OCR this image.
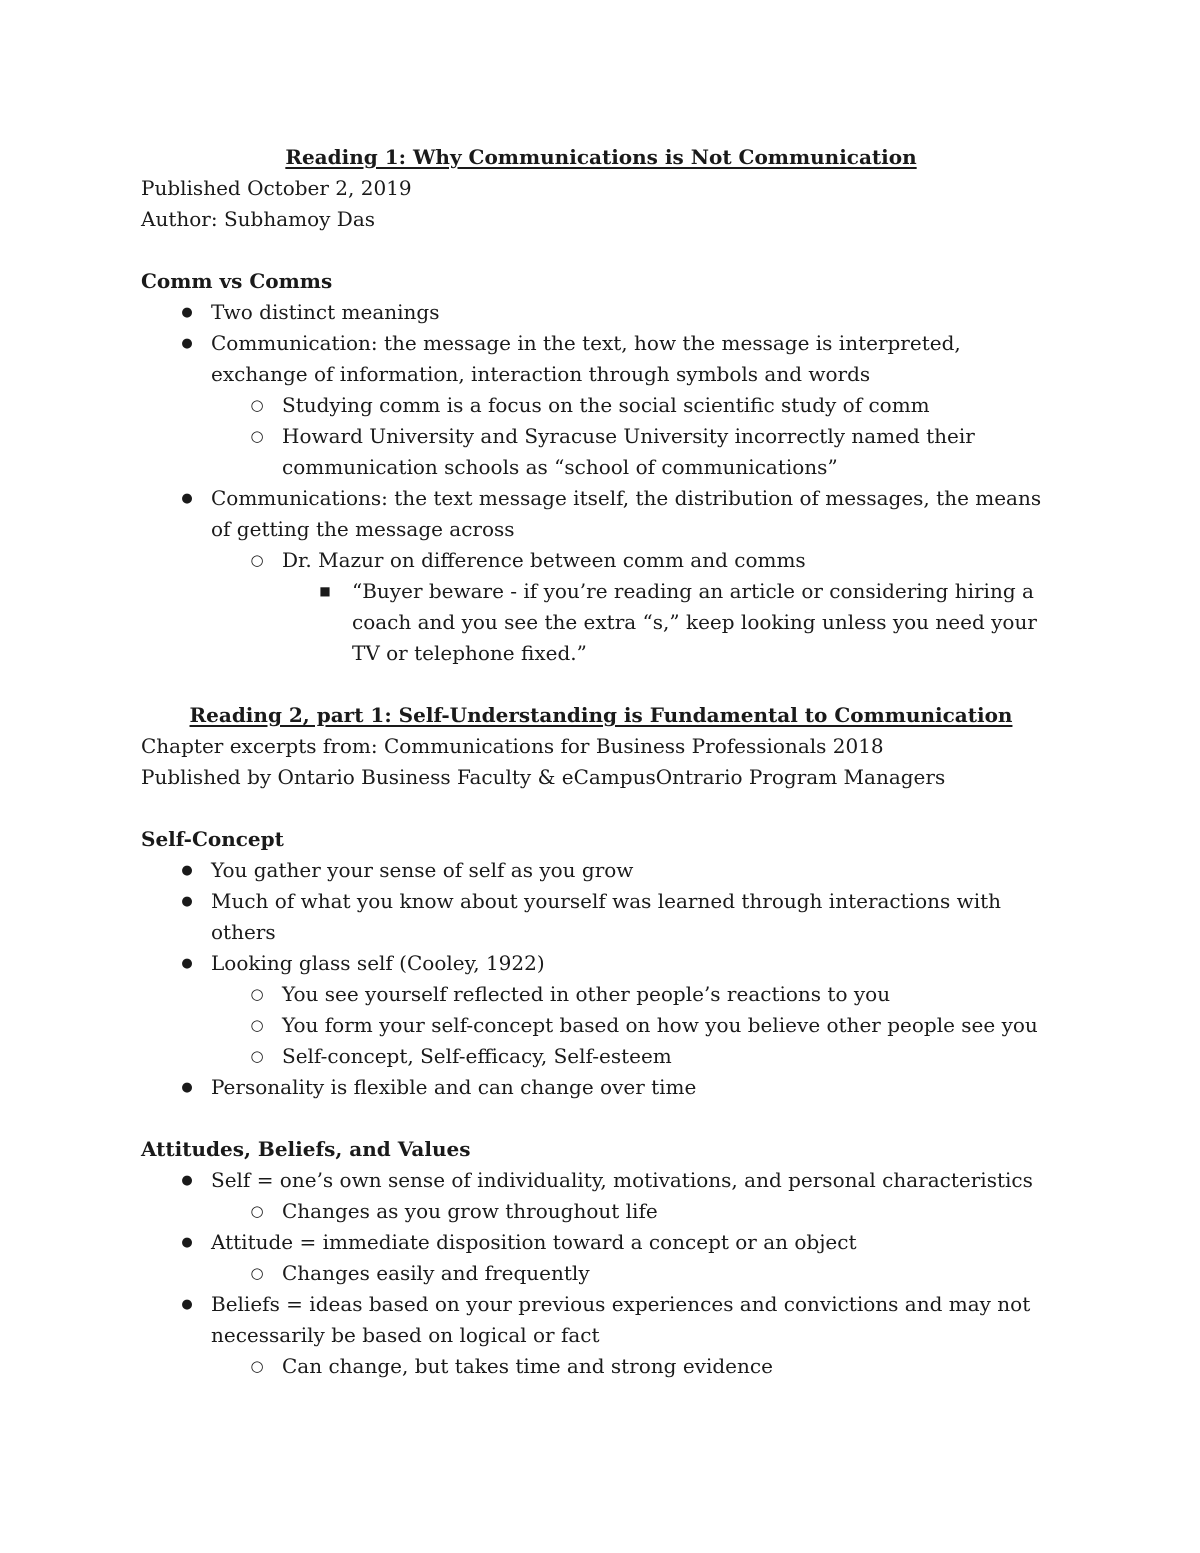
Reading 1: Why Communications is Not Communication

Published October 2, 2019

Author: Subhamoy Das

Comm vs Comms

● Two distinct meanings
● Communication: the message in the text, how the message is interpreted, exchange of information, interaction through symbols and words
○ Studying comm is a focus on the social scientific study of comm
○ Howard University and Syracuse University incorrectly named their communication schools as “school of communications”
● Communications: the text message itself, the distribution of messages, the means of getting the message across
○ Dr. Mazur on difference between comm and comms
■ “Buyer beware - if you’re reading an article or considering hiring a coach and you see the extra “s,” keep looking unless you need your TV or telephone fixed.”

Reading 2, part 1: Self-Understanding is Fundamental to Communication

Chapter excerpts from: Communications for Business Professionals 2018

Published by Ontario Business Faculty & eCampusOntrario Program Managers

Self-Concept

● You gather your sense of self as you grow
● Much of what you know about yourself was learned through interactions with others
● Looking glass self (Cooley, 1922)
○ You see yourself reflected in other people’s reactions to you
○ You form your self-concept based on how you believe other people see you
○ Self-concept, Self-efficacy, Self-esteem
● Personality is flexible and can change over time

Attitudes, Beliefs, and Values

● Self = one’s own sense of individuality, motivations, and personal characteristics
○ Changes as you grow throughout life
● Attitude = immediate disposition toward a concept or an object
○ Changes easily and frequently
● Beliefs = ideas based on your previous experiences and convictions and may not necessarily be based on logical or fact
○ Can change, but takes time and strong evidence
